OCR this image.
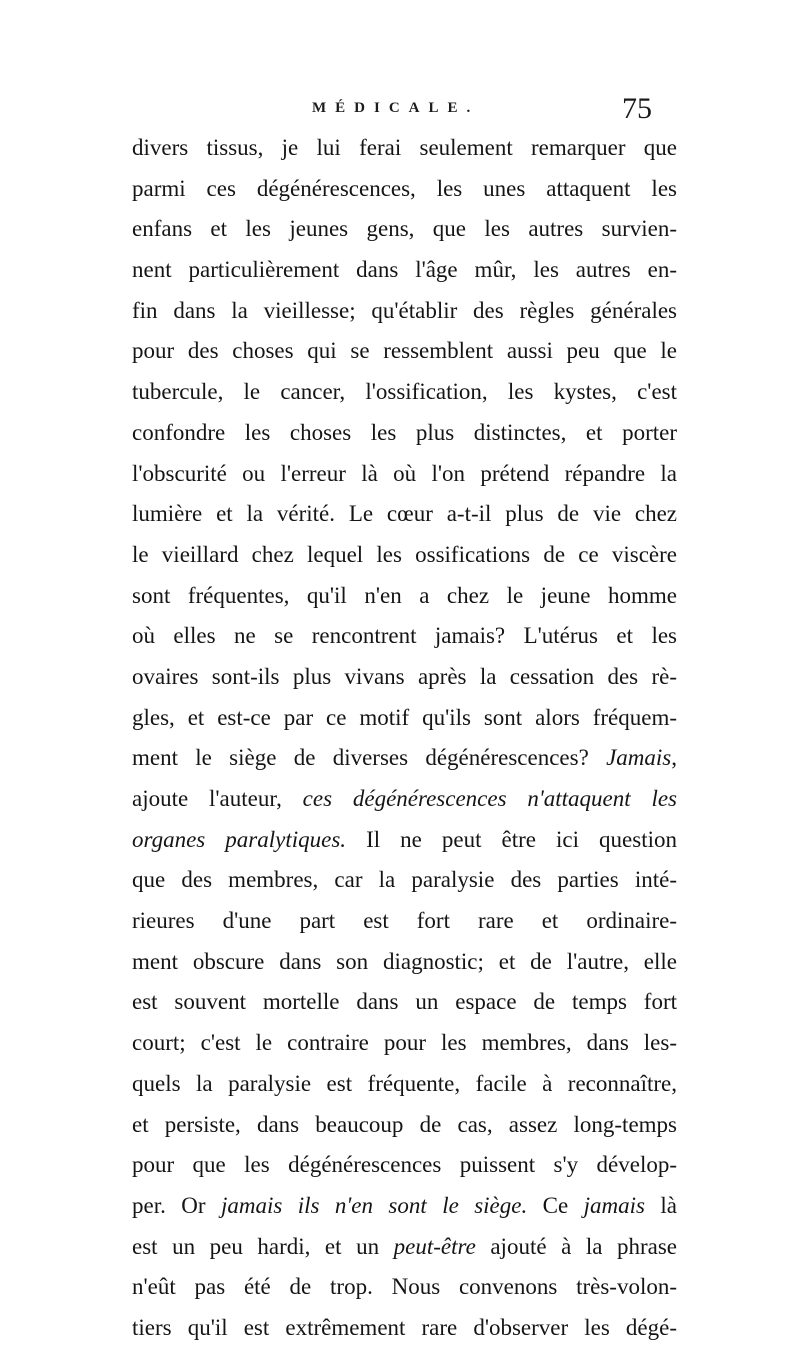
MÉDICALE.	75
divers tissus, je lui ferai seulement remarquer que
parmi ces dégénérescences, les unes attaquent les
enfans et les jeunes gens, que les autres survien-
nent particulièrement dans l'âge mûr, les autres en-
fin dans la vieillesse; qu'établir des règles générales
pour des choses qui se ressemblent aussi peu que le
tubercule, le cancer, l'ossification, les kystes, c'est
confondre les choses les plus distinctes, et porter
l'obscurité ou l'erreur là où l'on prétend répandre la
lumière et la vérité. Le cœur a-t-il plus de vie chez
le vieillard chez lequel les ossifications de ce viscère
sont fréquentes, qu'il n'en a chez le jeune homme
où elles ne se rencontrent jamais? L'utérus et les
ovaires sont-ils plus vivans après la cessation des rè-
gles, et est-ce par ce motif qu'ils sont alors fréquem-
ment le siège de diverses dégénérescences? Jamais,
ajoute l'auteur, ces dégénérescences n'attaquent les
organes paralytiques. Il ne peut être ici question
que des membres, car la paralysie des parties inté-
rieures d'une part est fort rare et ordinaire-
ment obscure dans son diagnostic; et de l'autre, elle
est souvent mortelle dans un espace de temps fort
court; c'est le contraire pour les membres, dans les-
quels la paralysie est fréquente, facile à reconnaître,
et persiste, dans beaucoup de cas, assez long-temps
pour que les dégénérescences puissent s'y dévelop-
per. Or jamais ils n'en sont le siège. Ce jamais là
est un peu hardi, et un peut-être ajouté à la phrase
n'eût pas été de trop. Nous convenons très-volon-
tiers qu'il est extrêmement rare d'observer les dégé-
